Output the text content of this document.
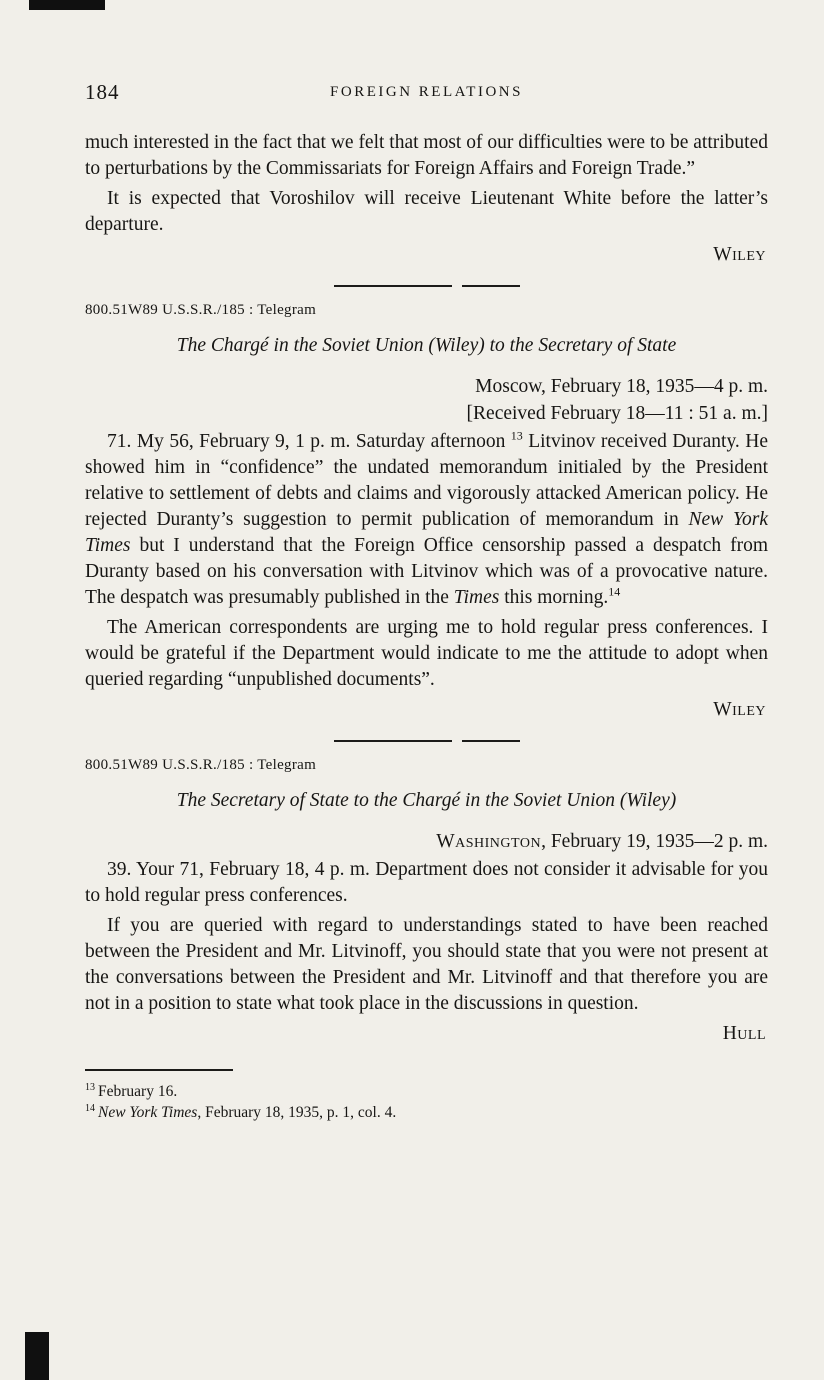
184	FOREIGN RELATIONS

much interested in the fact that we felt that most of our difficulties were to be attributed to perturbations by the Commissariats for Foreign Affairs and Foreign Trade.”

It is expected that Voroshilov will receive Lieutenant White before the latter’s departure.

Wiley
800.51W89 U.S.S.R./185 : Telegram
The Chargé in the Soviet Union (Wiley) to the Secretary of State
Moscow, February 18, 1935—4 p. m.
[Received February 18—11 : 51 a. m.]

71. My 56, February 9, 1 p. m. Saturday afternoon $^{13}$ Litvinov received Duranty. He showed him in “confidence” the undated memorandum initialed by the President relative to settlement of debts and claims and vigorously attacked American policy. He rejected Duranty’s suggestion to permit publication of memorandum in New York Times but I understand that the Foreign Office censorship passed a despatch from Duranty based on his conversation with Litvinov which was of a provocative nature. The despatch was presumably published in the Times this morning.$^{14}$

The American correspondents are urging me to hold regular press conferences. I would be grateful if the Department would indicate to me the attitude to adopt when queried regarding “unpublished documents”.

Wiley
800.51W89 U.S.S.R./185 : Telegram
The Secretary of State to the Chargé in the Soviet Union (Wiley)
Washington, February 19, 1935—2 p. m.

39. Your 71, February 18, 4 p. m. Department does not consider it advisable for you to hold regular press conferences.

If you are queried with regard to understandings stated to have been reached between the President and Mr. Litvinoff, you should state that you were not present at the conversations between the President and Mr. Litvinoff and that therefore you are not in a position to state what took place in the discussions in question.

Hull
$^{13}$ February 16.
$^{14}$ New York Times, February 18, 1935, p. 1, col. 4.
